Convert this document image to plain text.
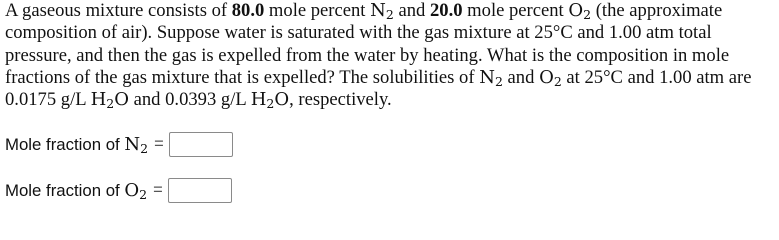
A gaseous mixture consists of 80.0 mole percent $N_2$ and 20.0 mole percent $O_2$ (the approximate composition of air). Suppose water is saturated with the gas mixture at 25°C and 1.00 atm total pressure, and then the gas is expelled from the water by heating. What is the composition in mole fractions of the gas mixture that is expelled? The solubilities of $N_2$ and $O_2$ at 25°C and 1.00 atm are 0.0175 g/L $H_2O$ and 0.0393 g/L $H_2O$, respectively.
Mole fraction of $N_2$ =
Mole fraction of $O_2$ =
